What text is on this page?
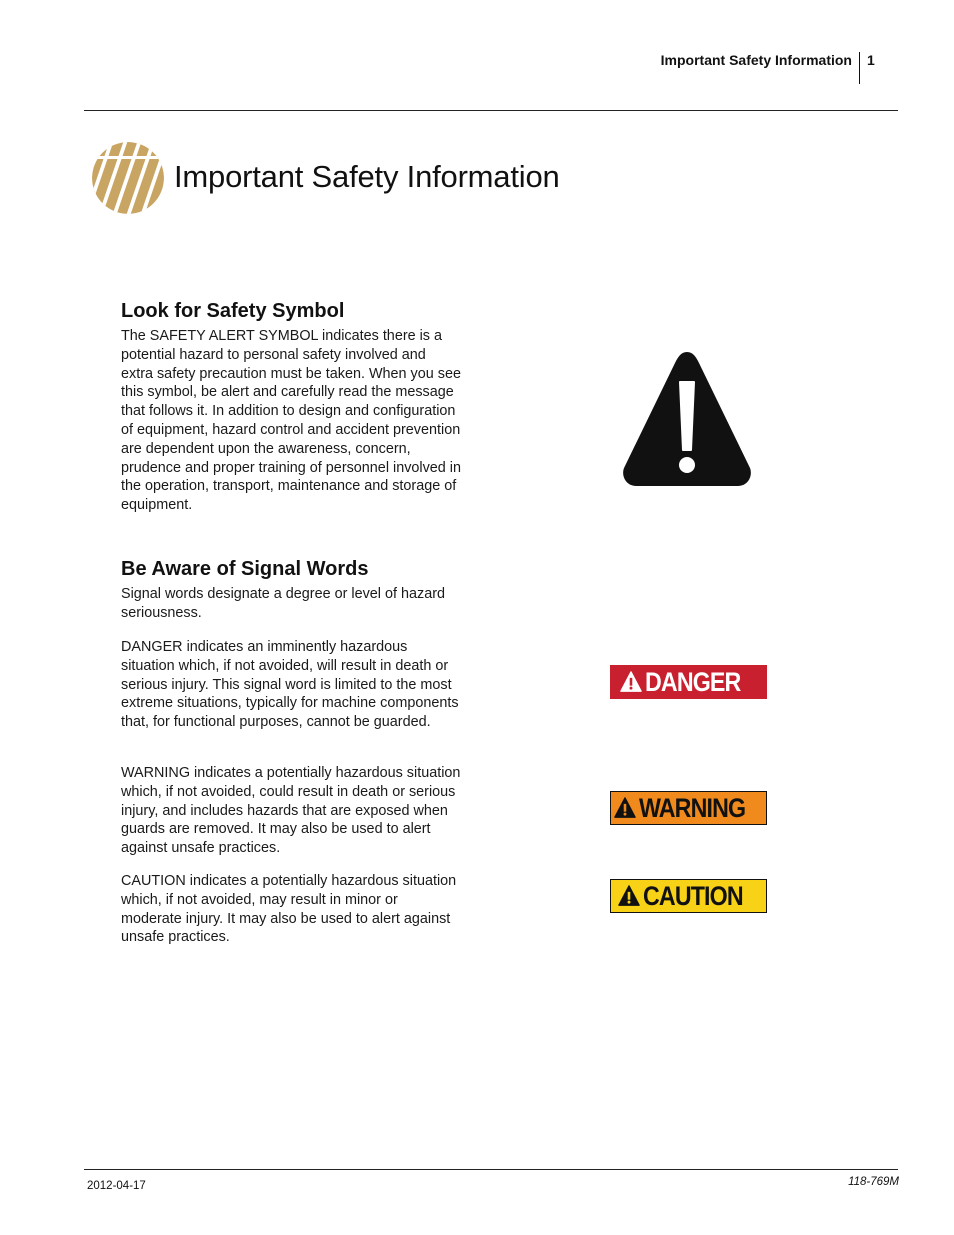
Important Safety Information 1
Important Safety Information
Look for Safety Symbol

The SAFETY ALERT SYMBOL indicates there is a potential hazard to personal safety involved and extra safety precaution must be taken. When you see this symbol, be alert and carefully read the message that follows it. In addition to design and configuration of equipment, hazard control and accident prevention are dependent upon the awareness, concern, prudence and proper training of personnel involved in the operation, transport, maintenance and storage of equipment.

Be Aware of Signal Words

Signal words designate a degree or level of hazard seriousness.

DANGER indicates an imminently hazardous situation which, if not avoided, will result in death or serious injury. This signal word is limited to the most extreme situations, typically for machine components that, for functional purposes, cannot be guarded.

WARNING indicates a potentially hazardous situation which, if not avoided, could result in death or serious injury, and includes hazards that are exposed when guards are removed. It may also be used to alert against unsafe practices.

CAUTION indicates a potentially hazardous situation which, if not avoided, may result in minor or moderate injury. It may also be used to alert against unsafe practices.

DANGER
WARNING
CAUTION
2012-04-17	118-769M
